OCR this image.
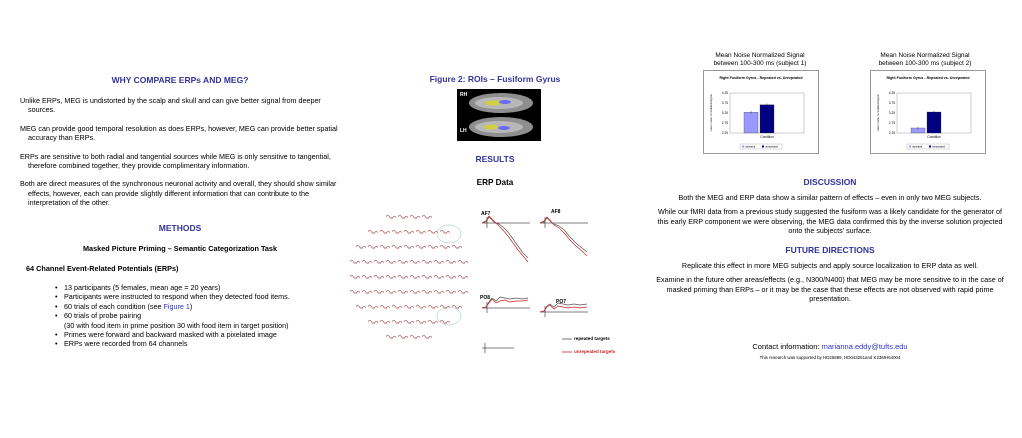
WHY COMPARE ERPs AND MEG?
Unlike ERPs, MEG is undistorted by the scalp and skull and can give better signal from deeper sources.
MEG can provide good temporal resolution as does ERPs, however, MEG can provide better spatial accuracy than ERPs.
ERPs are sensitive to both radial and tangential sources while MEG is only sensitive to tangential, therefore combined together, they provide complimentary information.
Both are direct measures of the synchronous neuronal activity and overall, they should show similar effects, however, each can provide slightly different information that can contribute to the interpretation of the other.
METHODS
Masked Picture Priming – Semantic Categorization Task
64 Channel Event-Related Potentials (ERPs)
• 13 participants (5 females, mean age = 20 years)
• Participants were instructed to respond when they detected food items.
• 60 trials of each condition (see Figure 1)
• 60 trials of probe pairing
(30 with food item in prime position 30 with food item in target position)
• Primes were forward and backward masked with a pixelated image
• ERPs were recorded from 64 channels
Figure 2: ROIs – Fusiform Gyrus
RH
LH
RESULTS
ERP Data
AF7	AF8
PO8
PO7
repeated targets
unrepeated targets
Mean Noise Normalized Signal
between 100-300 ms (subject 1)
Mean Noise Normalized Signal
between 100-300 ms (subject 2)
Right Fusiform Gyrus - Repeated vs. Unrepeated
4.25
3.75
3.25
2.75
2.25
mean noise normalized signal
Condition
repeated	unrepeated
Right Fusiform Gyrus - Repeated vs. Unrepeated
4.25
3.75
3.25
2.75
2.25
mean noise normalized signal
Condition
repeated	unrepeated
DISCUSSION
Both the MEG and ERP data show a similar pattern of effects – even in only two MEG subjects.
While our fMRI data from a previous study suggested the fusiform was a likely candidate for the generator of this early ERP component we were observing, the MEG data confirmed this by the inverse solution projected onto the subjects' surface.
FUTURE DIRECTIONS
Replicate this effect in more MEG subjects and apply source localization to ERP data as well.
Examine in the future other areas/effects (e.g., N300/N400) that MEG may be more sensitive to in the case of masked priming than ERPs – or it may be the case that these effects are not observed with rapid prime presentation.
Contact information: marianna.eddy@tufts.edu
This research was supported by HD25889, HD043251and K23MH64004
